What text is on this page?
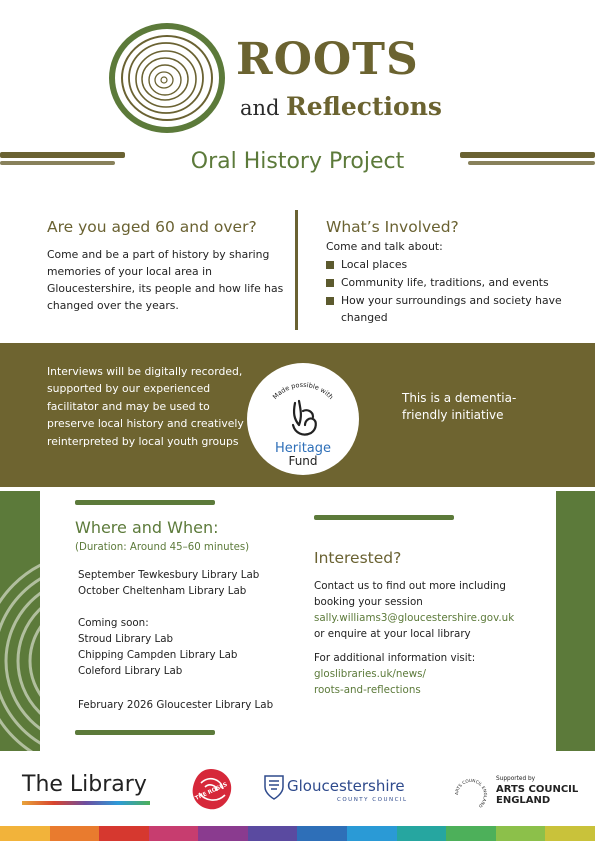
ROOTS
and Reflections
Oral History Project
Are you aged 60 and over?
Come and be a part of history by sharing memories of your local area in Gloucestershire, its people and how life has changed over the years.
What’s Involved?
Come and talk about:
Local places
Community life, traditions, and events
How your surroundings and society have changed
Interviews will be digitally recorded, supported by our experienced facilitator and may be used to preserve local history and creatively reinterpreted by local youth groups
Made possible with
Heritage
Fund
This is a dementia-friendly initiative
Where and When:
(Duration: Around 45–60 minutes)
September Tewkesbury Library Lab
October Cheltenham Library Lab
Coming soon:
Stroud Library Lab
Chipping Campden Library Lab
Coleford Library Lab
February 2026 Gloucester Library Lab
Interested?
Contact us to find out more including booking your session
sally.williams3@gloucestershire.gov.uk
or enquire at your local library
For additional information visit:
gloslibraries.uk/news/
roots-and-reflections
The Library	THE ROSES	Gloucestershire
COUNTY COUNCIL
ARTS COUNCIL ENGLAND
Supported by
ARTS COUNCIL
ENGLAND
